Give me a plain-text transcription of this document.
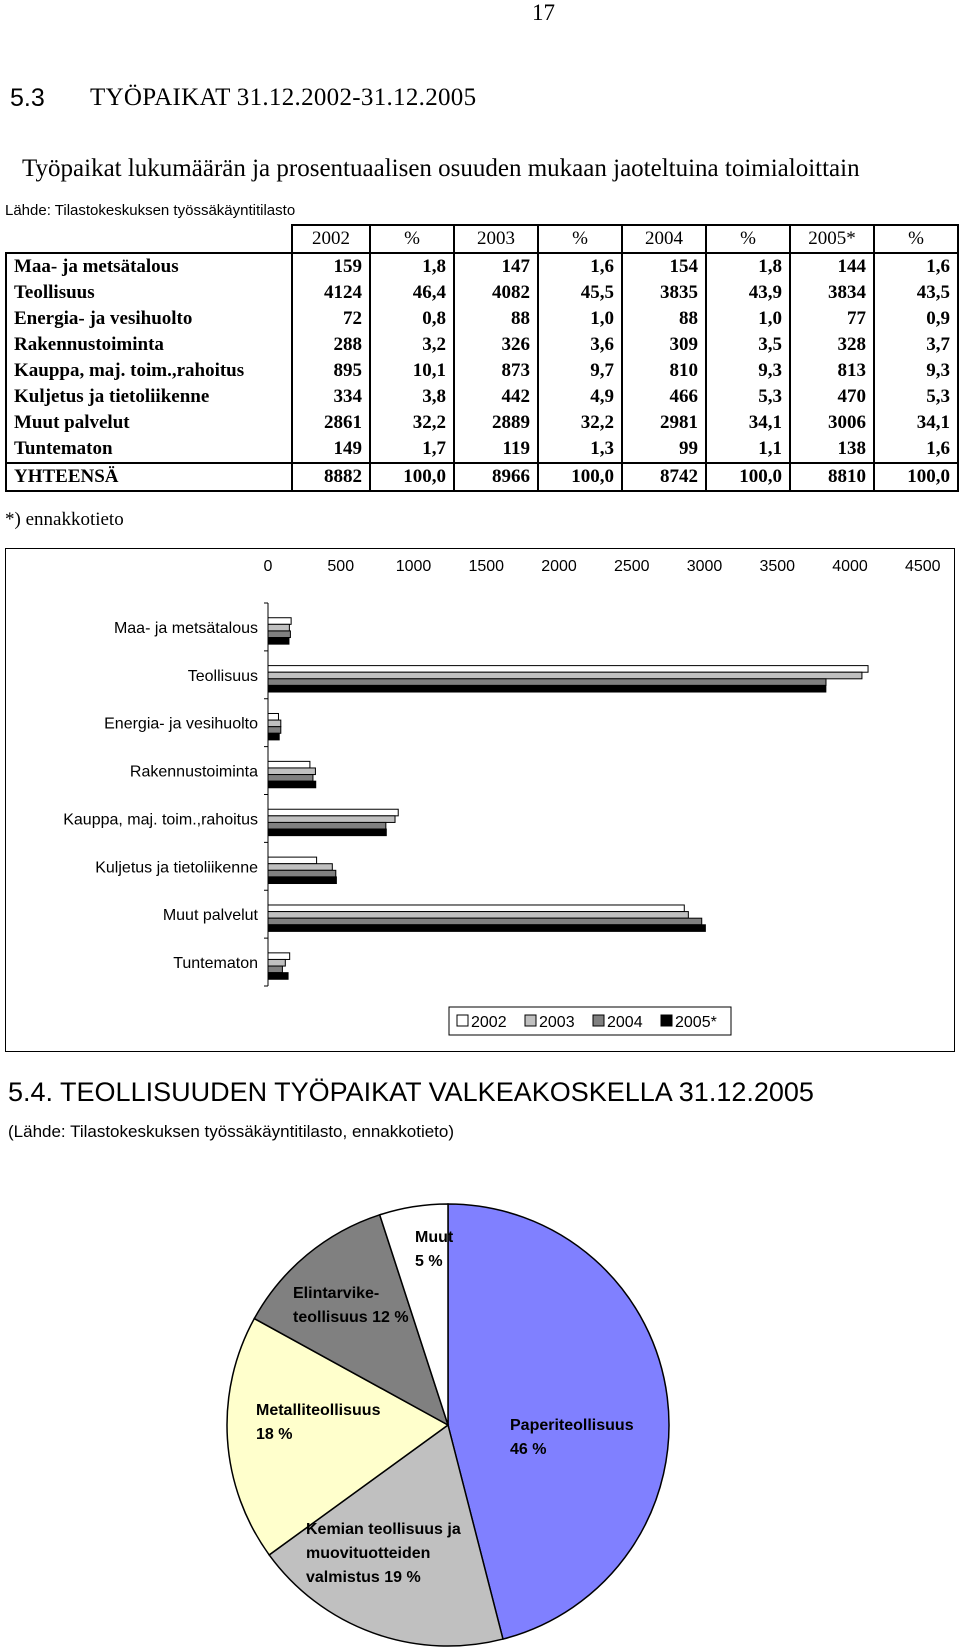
17
5.3 TYÖPAIKAT 31.12.2002-31.12.2005
Työpaikat lukumäärän ja prosentuaalisen osuuden mukaan jaoteltuina toimialoittain
Lähde: Tilastokeskuksen työssäkäyntitilasto
	2002	%	2003	%	2004	%	2005*	%
Maa- ja metsätalous	159	1,8	147	1,6	154	1,8	144	1,6
Teollisuus	4124	46,4	4082	45,5	3835	43,9	3834	43,5
Energia- ja vesihuolto	72	0,8	88	1,0	88	1,0	77	0,9
Rakennustoiminta	288	3,2	326	3,6	309	3,5	328	3,7
Kauppa, maj. toim.,rahoitus	895	10,1	873	9,7	810	9,3	813	9,3
Kuljetus ja tietoliikenne	334	3,8	442	4,9	466	5,3	470	5,3
Muut palvelut	2861	32,2	2889	32,2	2981	34,1	3006	34,1
Tuntematon	149	1,7	119	1,3	99	1,1	138	1,6
YHTEENSÄ	8882	100,0	8966	100,0	8742	100,0	8810	100,0
*) ennakkotieto
0	500	1000 1500 2000 2500 3000 3500 4000 4500
Maa- ja metsätalous
Teollisuus
Energia- ja vesihuolto
Rakennustoiminta
Kauppa, maj. toim.,rahoitus
Kuljetus ja tietoliikenne
Muut palvelut
Tuntematon
2002 2003 2004 2005*
5.4. TEOLLISUUDEN TYÖPAIKAT VALKEAKOSKELLA 31.12.2005
(Lähde: Tilastokeskuksen työssäkäyntitilasto, ennakkotieto)
Paperiteollisuus
46 %
Kemian teollisuus ja
muovituotteiden
valmistus 19 %
Metalliteollisuus
18 %
Elintarvike-
teollisuus 12 %
Muut
5 %
